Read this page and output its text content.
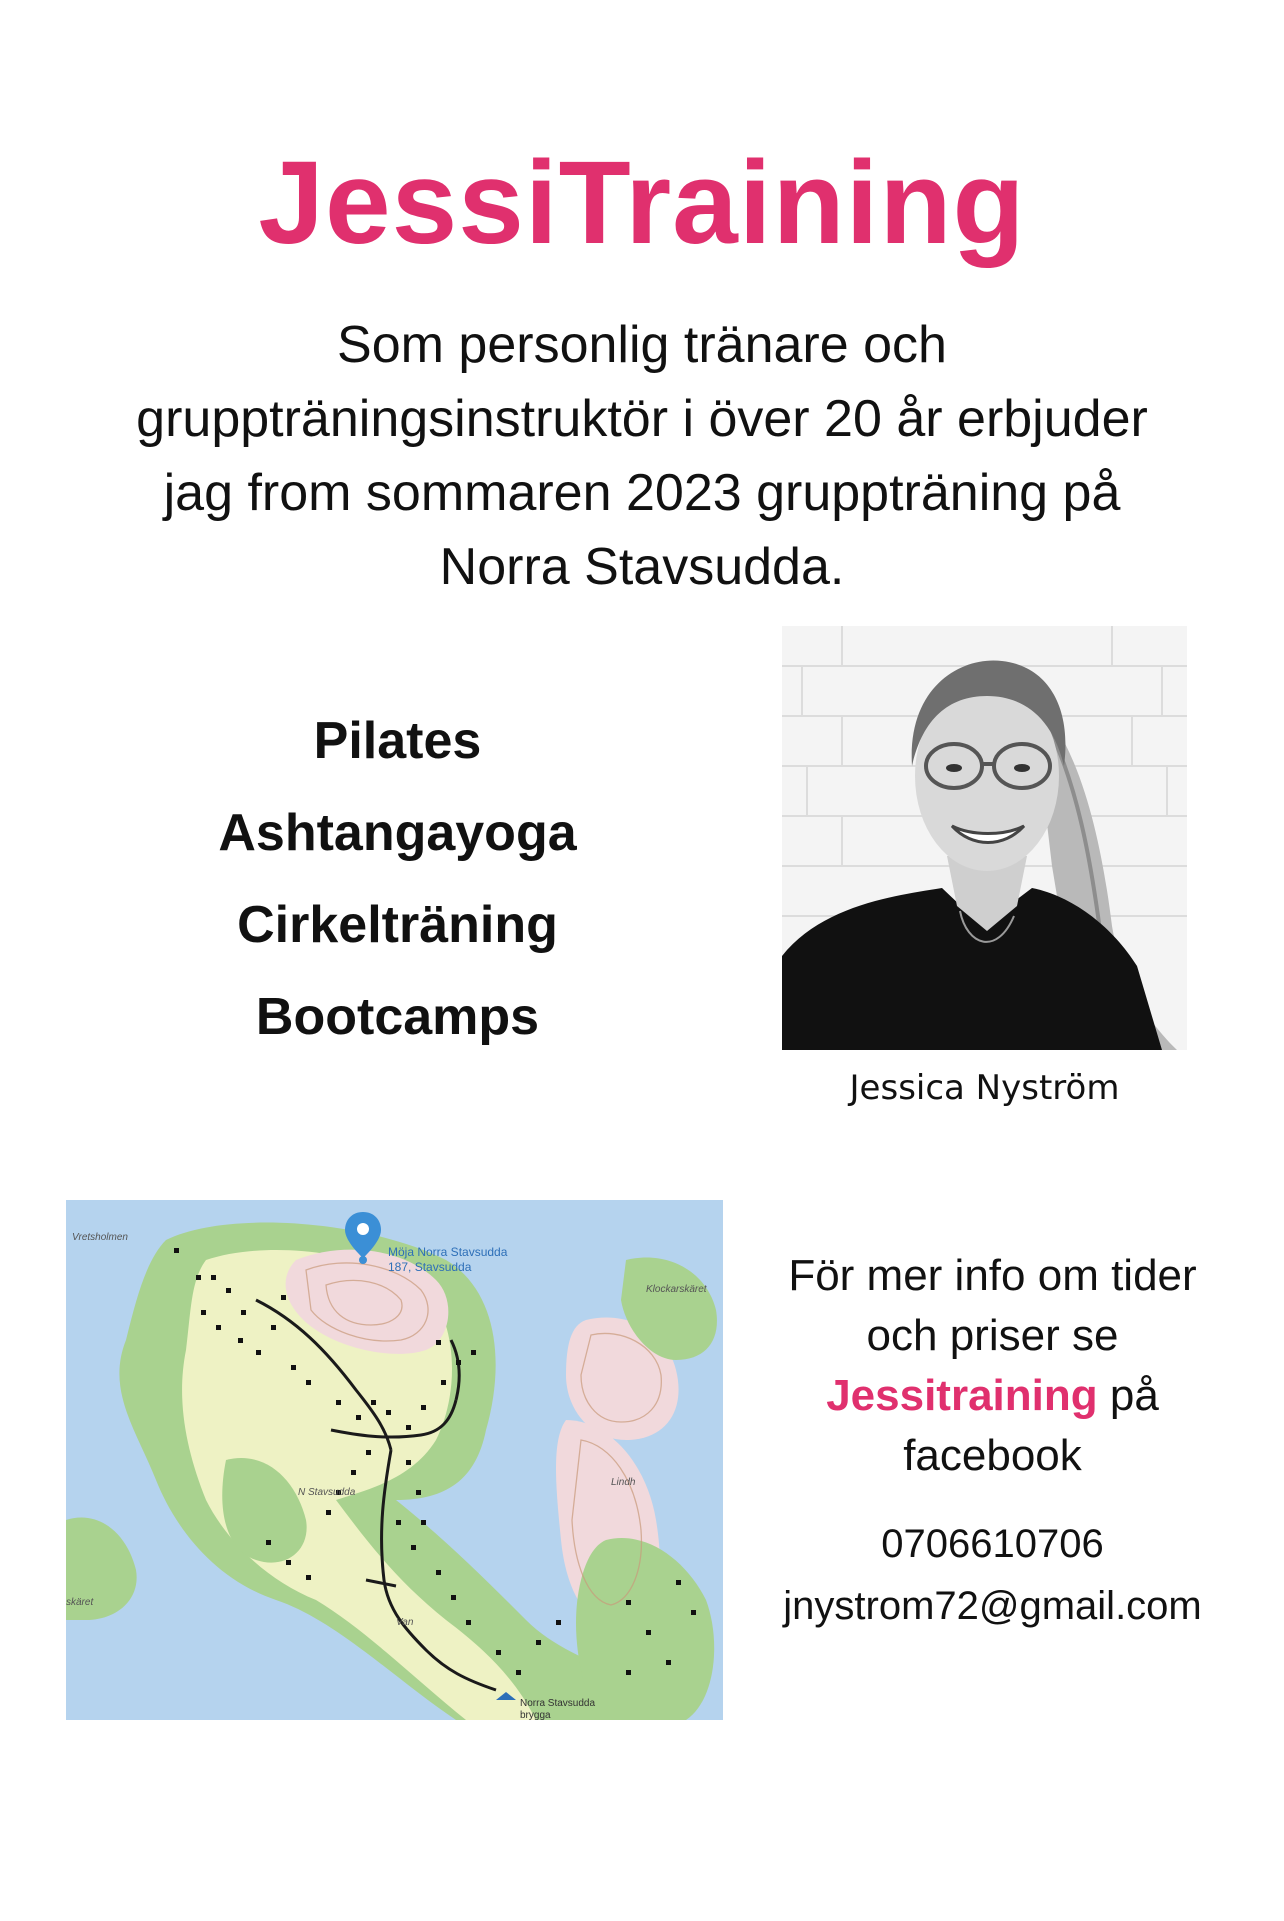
JessiTraining
Som personlig tränare och
gruppträningsinstruktör i över 20 år erbjuder
jag from sommaren 2023 gruppträning på
Norra Stavsudda.
Pilates
Ashtangayoga
Cirkelträning
Bootcamps
Jessica Nyström
Möja Norra Stavsudda
187, Stavsudda
Vretsholmen
Klockarskäret
N Stavsudda
Lindh
skäret
Van
Norra Stavsudda
brygga
För mer info om tider
och priser se
Jessitraining på
facebook
0706610706
jnystrom72@gmail.com
